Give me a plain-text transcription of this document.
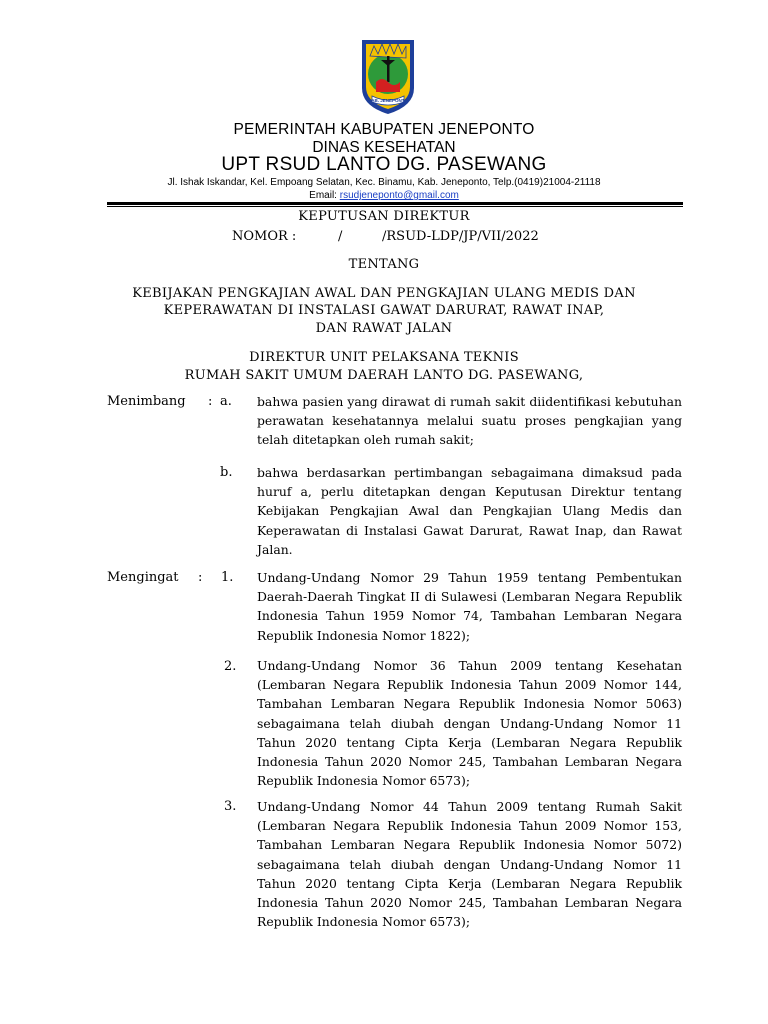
KAB. JENEPONTO
PEMERINTAH KABUPATEN JENEPONTO
DINAS KESEHATAN
UPT RSUD LANTO DG. PASEWANG
Jl. Ishak Iskandar, Kel. Empoang Selatan, Kec. Binamu, Kab. Jeneponto, Telp.(0419)21004-21118
Email: rsudjeneponto@gmail.com
KEPUTUSAN DIREKTUR
NOMOR :	/	/RSUD-LDP/JP/VII/2022
TENTANG
KEBIJAKAN PENGKAJIAN AWAL DAN PENGKAJIAN ULANG MEDIS DAN
KEPERAWATAN DI INSTALASI GAWAT DARURAT, RAWAT INAP,
DAN RAWAT JALAN
DIREKTUR UNIT PELAKSANA TEKNIS
RUMAH SAKIT UMUM DAERAH LANTO DG. PASEWANG,
Menimbang : a. bahwa pasien yang dirawat di rumah sakit diidentifikasi kebutuhan perawatan kesehatannya melalui suatu proses pengkajian yang telah ditetapkan oleh rumah sakit;
b. bahwa berdasarkan pertimbangan sebagaimana dimaksud pada huruf a, perlu ditetapkan dengan Keputusan Direktur tentang Kebijakan Pengkajian Awal dan Pengkajian Ulang Medis dan Keperawatan di Instalasi Gawat Darurat, Rawat Inap, dan Rawat Jalan.
Mengingat : 1. Undang-Undang Nomor 29 Tahun 1959 tentang Pembentukan Daerah-Daerah Tingkat II di Sulawesi (Lembaran Negara Republik Indonesia Tahun 1959 Nomor 74, Tambahan Lembaran Negara Republik Indonesia Nomor 1822);
2. Undang-Undang Nomor 36 Tahun 2009 tentang Kesehatan (Lembaran Negara Republik Indonesia Tahun 2009 Nomor 144, Tambahan Lembaran Negara Republik Indonesia Nomor 5063) sebagaimana telah diubah dengan Undang-Undang Nomor 11 Tahun 2020 tentang Cipta Kerja (Lembaran Negara Republik Indonesia Tahun 2020 Nomor 245, Tambahan Lembaran Negara Republik Indonesia Nomor 6573);
3. Undang-Undang Nomor 44 Tahun 2009 tentang Rumah Sakit (Lembaran Negara Republik Indonesia Tahun 2009 Nomor 153, Tambahan Lembaran Negara Republik Indonesia Nomor 5072) sebagaimana telah diubah dengan Undang-Undang Nomor 11 Tahun 2020 tentang Cipta Kerja (Lembaran Negara Republik Indonesia Tahun 2020 Nomor 245, Tambahan Lembaran Negara Republik Indonesia Nomor 6573);
